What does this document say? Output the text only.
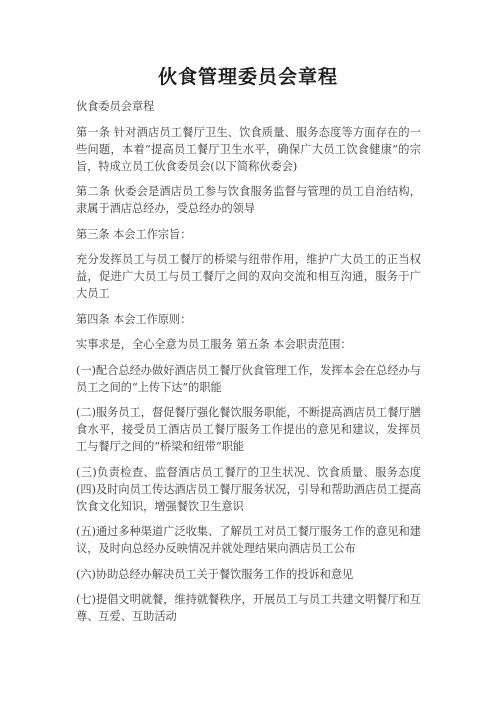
伙食管理委员会章程

伙食委员会章程

第一条 针对酒店员工餐厅卫生、饮食质量、服务态度等方面存在的一些问题，本着“提高员工餐厅卫生水平，确保广大员工饮食健康”的宗旨，特成立员工伙食委员会(以下简称伙委会)

第二条 伙委会是酒店员工参与饮食服务监督与管理的员工自治结构，隶属于酒店总经办，受总经办的领导

第三条 本会工作宗旨：

充分发挥员工与员工餐厅的桥梁与纽带作用，维护广大员工的正当权益，促进广大员工与员工餐厅之间的双向交流和相互沟通，服务于广大员工

第四条 本会工作原则：

实事求是，全心全意为员工服务 第五条 本会职责范围：

(一)配合总经办做好酒店员工餐厅伙食管理工作，发挥本会在总经办与员工之间的“上传下达”的职能

(二)服务员工，督促餐厅强化餐饮服务职能，不断提高酒店员工餐厅膳食水平，接受员工酒店员工餐厅服务工作提出的意见和建议，发挥员工与餐厅之间的“桥梁和纽带”职能

(三)负责检查、监督酒店员工餐厅的卫生状况、饮食质量、服务态度 (四)及时向员工传达酒店员工餐厅服务状况，引导和帮助酒店员工提高饮食文化知识，增强餐饮卫生意识

(五)通过多种渠道广泛收集、了解员工对员工餐厅服务工作的意见和建议，及时向总经办反映情况并就处理结果向酒店员工公布

(六)协助总经办解决员工关于餐饮服务工作的投诉和意见

(七)提倡文明就餐，维持就餐秩序，开展员工与员工共建文明餐厅和互尊、互爱、互助活动
